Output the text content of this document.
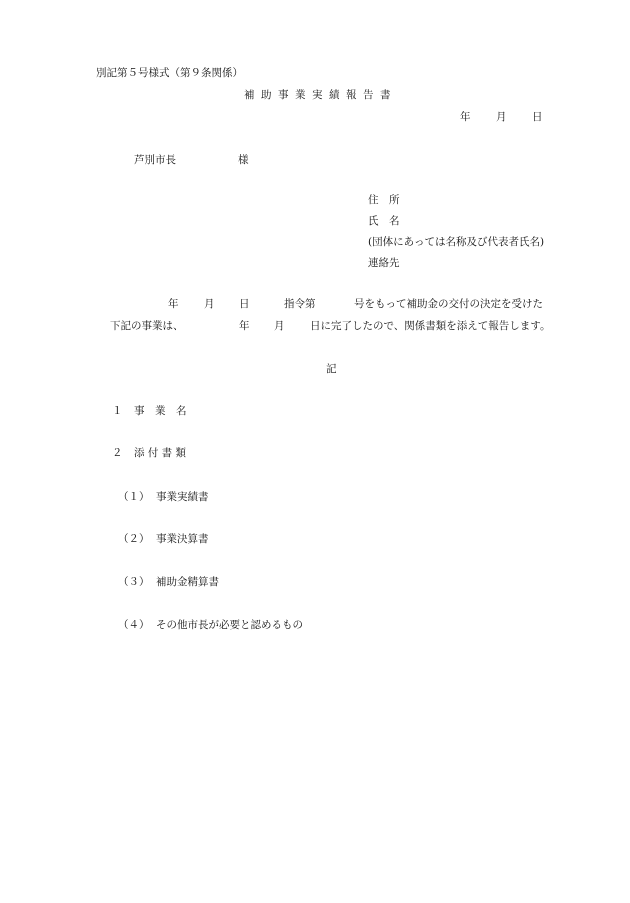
別記第５号様式（第９条関係）
補助事業実績報告書
年 月 日
芦別市長	様
住　所
氏　名
(団体にあっては名称及び代表者氏名)
連絡先
年 月 日	指令第	号をもって補助金の交付の決定を受けた
下記の事業は、	年 月 日に完了したので、関係書類を添えて報告します。
記
１ 事　業　名
２ 添 付 書 類
（１） 事業実績書
（２） 事業決算書
（３） 補助金精算書
（４） その他市長が必要と認めるもの
